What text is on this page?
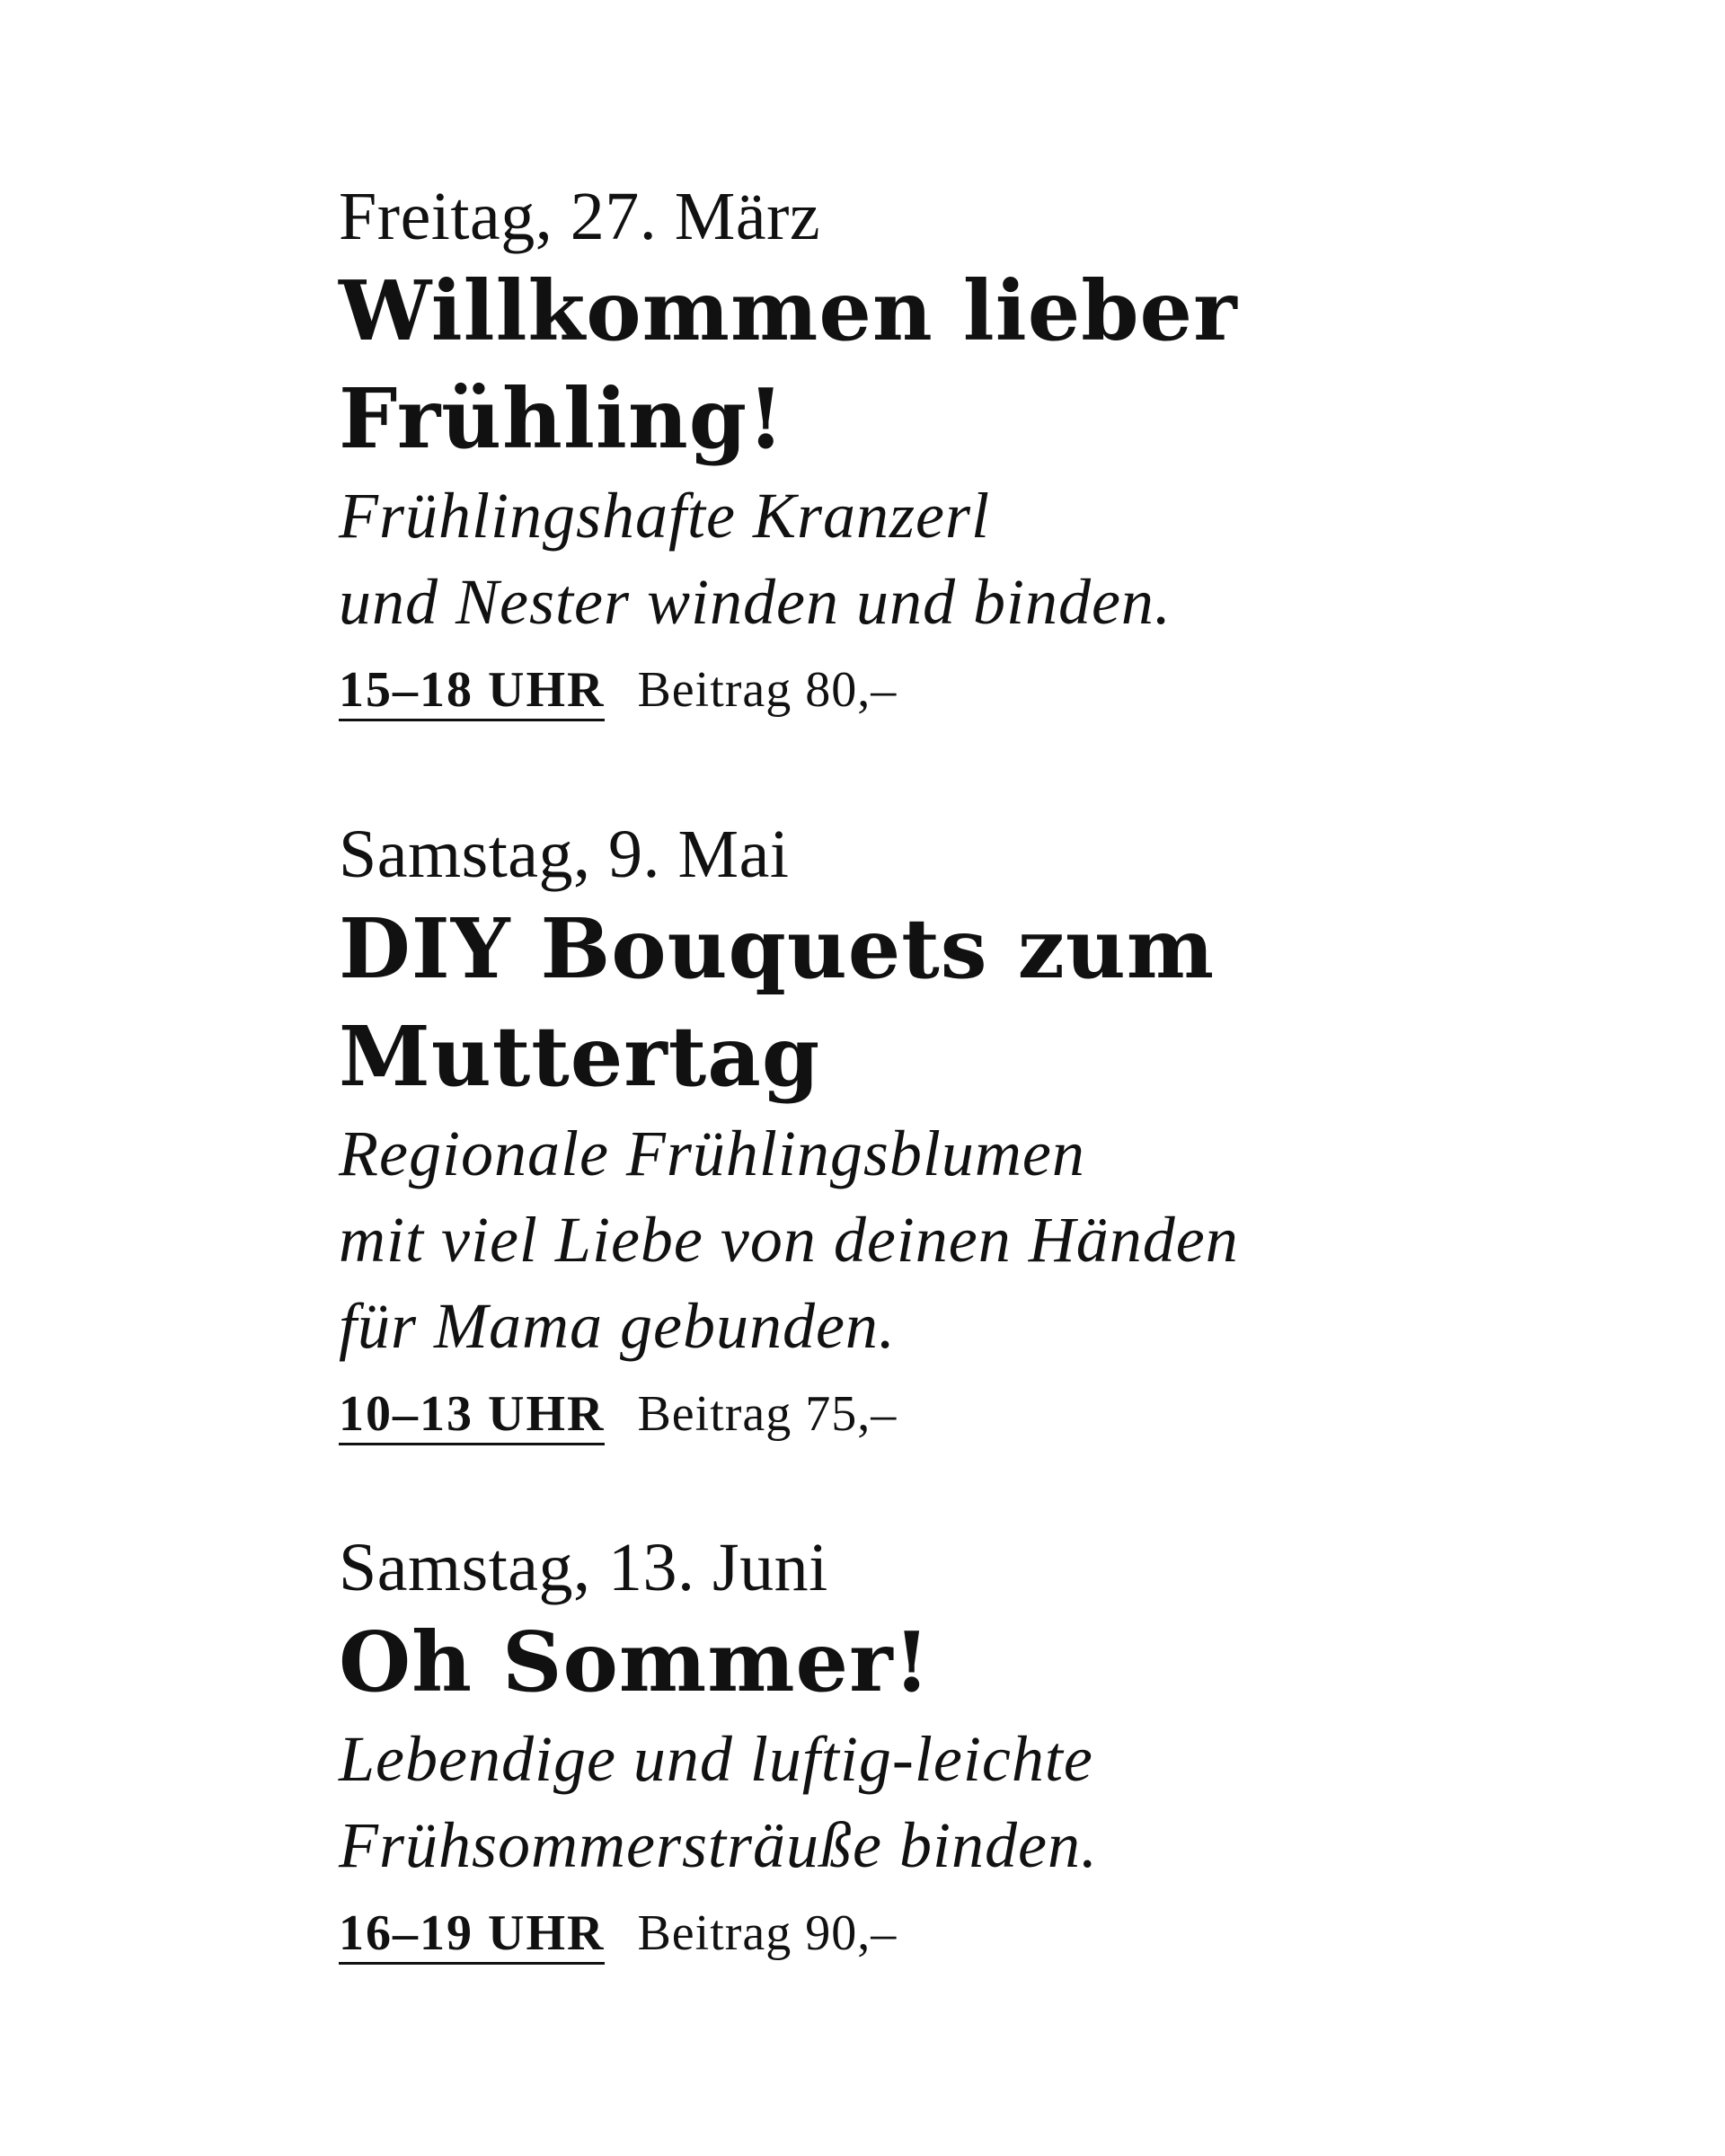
Freitag, 27. März
Willkommen lieber
Frühling!
Frühlingshafte Kranzerl
und Nester winden und binden.
15–18 UHR Beitrag 80,–
Samstag, 9. Mai
DIY Bouquets zum
Muttertag
Regionale Frühlingsblumen
mit viel Liebe von deinen Händen
für Mama gebunden.
10–13 UHR Beitrag 75,–
Samstag, 13. Juni
Oh Sommer!
Lebendige und luftig-leichte
Frühsommersträuße binden.
16–19 UHR Beitrag 90,–
